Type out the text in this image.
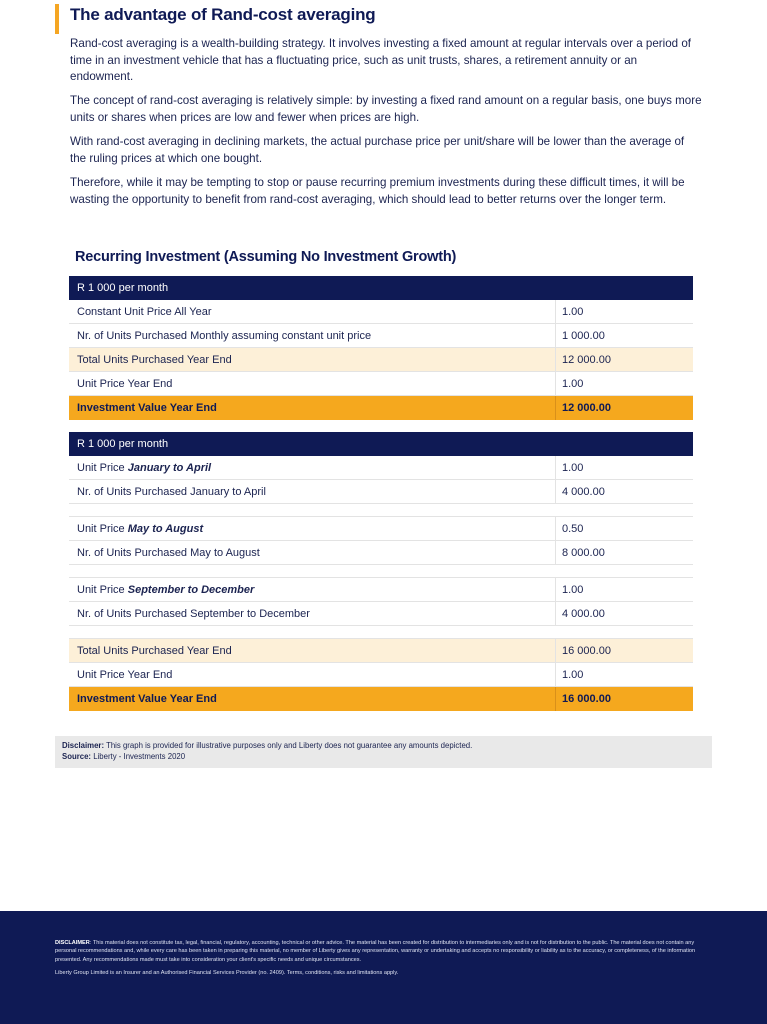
The advantage of Rand-cost averaging

Rand-cost averaging is a wealth-building strategy. It involves investing a fixed amount at regular intervals over a period of time in an investment vehicle that has a fluctuating price, such as unit trusts, shares, a retirement annuity or an endowment.

The concept of rand-cost averaging is relatively simple: by investing a fixed rand amount on a regular basis, one buys more units or shares when prices are low and fewer when prices are high.

With rand-cost averaging in declining markets, the actual purchase price per unit/share will be lower than the average of the ruling prices at which one bought.

Therefore, while it may be tempting to stop or pause recurring premium investments during these difficult times, it will be wasting the opportunity to benefit from rand-cost averaging, which should lead to better returns over the longer term.

Recurring Investment (Assuming No Investment Growth)
R 1 000 per month
Constant Unit Price All Year	1.00
Nr. of Units Purchased Monthly assuming constant unit price	1 000.00
Total Units Purchased Year End	12 000.00
Unit Price Year End	1.00
Investment Value Year End	12 000.00
R 1 000 per month
Unit Price January to April	1.00
Nr. of Units Purchased January to April	4 000.00
Unit Price May to August	0.50
Nr. of Units Purchased May to August	8 000.00
Unit Price September to December	1.00
Nr. of Units Purchased September to December	4 000.00
Total Units Purchased Year End	16 000.00
Unit Price Year End	1.00
Investment Value Year End	16 000.00
Disclaimer: This graph is provided for illustrative purposes only and Liberty does not guarantee any amounts depicted.
Source: Liberty - Investments 2020

DISCLAIMER: This material does not constitute tax, legal, financial, regulatory, accounting, technical or other advice. The material has been created for distribution to intermediaries only and is not for distribution to the public. The material does not contain any personal recommendations and, while every care has been taken in preparing this material, no member of Liberty gives any representation, warranty or undertaking and accepts no responsibility or liability as to the accuracy, or completeness, of the information presented. Any recommendations made must take into consideration your client's specific needs and unique circumstances.

Liberty Group Limited is an Insurer and an Authorised Financial Services Provider (no. 2409). Terms, conditions, risks and limitations apply.
